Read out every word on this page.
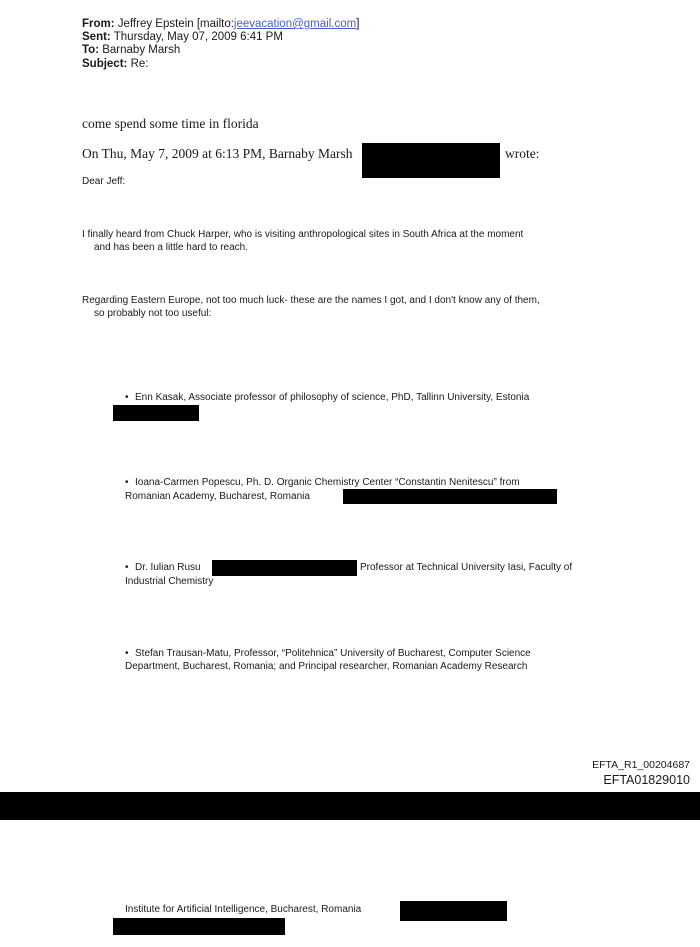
From: Jeffrey Epstein [mailto:jeevacation@gmail.com]
Sent: Thursday, May 07, 2009 6:41 PM
To: Barnaby Marsh
Subject: Re:
come spend some time in florida
On Thu, May 7, 2009 at 6:13 PM, Barnaby Marsh	wrote:
Dear Jeff:
I finally heard from Chuck Harper, who is visiting anthropological sites in South Africa at the moment
and has been a little hard to reach.
Regarding Eastern Europe, not too much luck- these are the names I got, and I don't know any of them,
so probably not too useful:
• Enn Kasak, Associate professor of philosophy of science, PhD, Tallinn University, Estonia
• Ioana-Carmen Popescu, Ph. D. Organic Chemistry Center “Constantin Nenitescu” from
Romanian Academy, Bucharest, Romania
• Dr. Iulian Rusu	Professor at Technical University Iasi, Faculty of
Industrial Chemistry
• Stefan Trausan-Matu, Professor, “Politehnica” University of Bucharest, Computer Science
Department, Bucharest, Romania; and Principal researcher, Romanian Academy Research
EFTA_R1_00204687
EFTA01829010
Institute for Artificial Intelligence, Bucharest, Romania
